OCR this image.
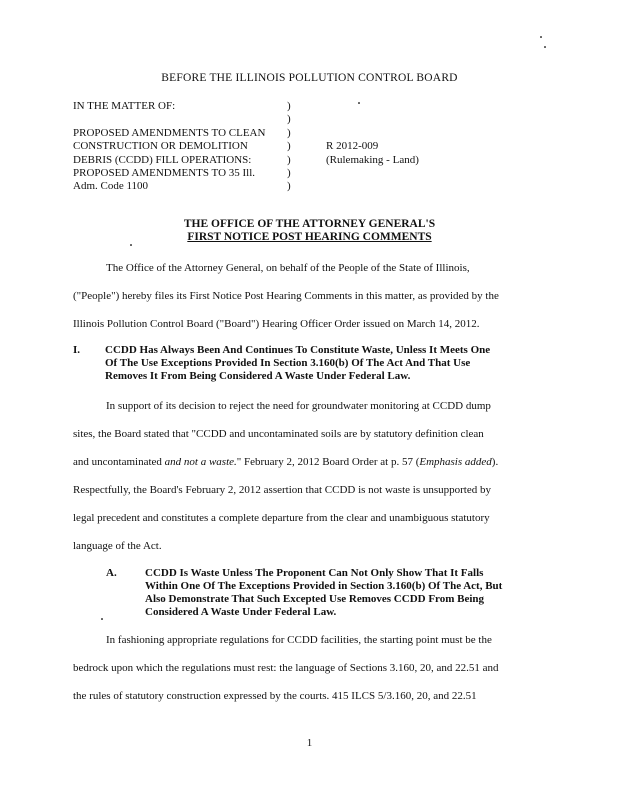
BEFORE THE ILLINOIS POLLUTION CONTROL BOARD
IN THE MATTER OF:	)
)
PROPOSED AMENDMENTS TO CLEAN )
CONSTRUCTION OR DEMOLITION	)	R 2012-009
DEBRIS (CCDD) FILL OPERATIONS:	)	(Rulemaking - Land)
PROPOSED AMENDMENTS TO 35 Ill.	)
Adm. Code 1100	)
THE OFFICE OF THE ATTORNEY GENERAL'S
FIRST NOTICE POST HEARING COMMENTS
The Office of the Attorney General, on behalf of the People of the State of Illinois,
("People") hereby files its First Notice Post Hearing Comments in this matter, as provided by the
Illinois Pollution Control Board ("Board") Hearing Officer Order issued on March 14, 2012.
I. CCDD Has Always Been And Continues To Constitute Waste, Unless It Meets One
Of The Use Exceptions Provided In Section 3.160(b) Of The Act And That Use
Removes It From Being Considered A Waste Under Federal Law.
In support of its decision to reject the need for groundwater monitoring at CCDD dump
sites, the Board stated that "CCDD and uncontaminated soils are by statutory definition clean
and uncontaminated and not a waste." February 2, 2012 Board Order at p. 57 (Emphasis added).
Respectfully, the Board's February 2, 2012 assertion that CCDD is not waste is unsupported by
legal precedent and constitutes a complete departure from the clear and unambiguous statutory
language of the Act.
A.	CCDD Is Waste Unless The Proponent Can Not Only Show That It Falls
Within One Of The Exceptions Provided in Section 3.160(b) Of The Act, But
Also Demonstrate That Such Excepted Use Removes CCDD From Being
Considered A Waste Under Federal Law.
In fashioning appropriate regulations for CCDD facilities, the starting point must be the
bedrock upon which the regulations must rest: the language of Sections 3.160, 20, and 22.51 and
the rules of statutory construction expressed by the courts. 415 ILCS 5/3.160, 20, and 22.51
1
